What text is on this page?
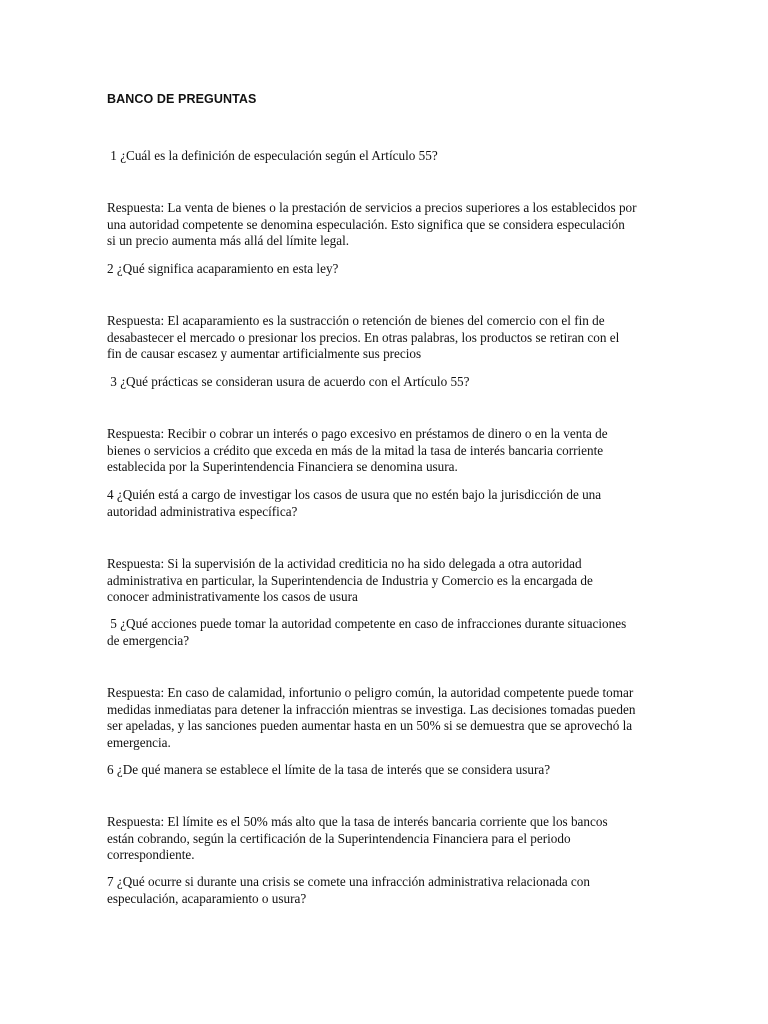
BANCO DE PREGUNTAS
1 ¿Cuál es la definición de especulación según el Artículo 55?
Respuesta: La venta de bienes o la prestación de servicios a precios superiores a los establecidos por
una autoridad competente se denomina especulación. Esto significa que se considera especulación
si un precio aumenta más allá del límite legal.
2 ¿Qué significa acaparamiento en esta ley?
Respuesta: El acaparamiento es la sustracción o retención de bienes del comercio con el fin de
desabastecer el mercado o presionar los precios. En otras palabras, los productos se retiran con el
fin de causar escasez y aumentar artificialmente sus precios
3 ¿Qué prácticas se consideran usura de acuerdo con el Artículo 55?
Respuesta: Recibir o cobrar un interés o pago excesivo en préstamos de dinero o en la venta de
bienes o servicios a crédito que exceda en más de la mitad la tasa de interés bancaria corriente
establecida por la Superintendencia Financiera se denomina usura.
4 ¿Quién está a cargo de investigar los casos de usura que no estén bajo la jurisdicción de una
autoridad administrativa específica?
Respuesta: Si la supervisión de la actividad crediticia no ha sido delegada a otra autoridad
administrativa en particular, la Superintendencia de Industria y Comercio es la encargada de
conocer administrativamente los casos de usura
5 ¿Qué acciones puede tomar la autoridad competente en caso de infracciones durante situaciones
de emergencia?
Respuesta: En caso de calamidad, infortunio o peligro común, la autoridad competente puede tomar
medidas inmediatas para detener la infracción mientras se investiga. Las decisiones tomadas pueden
ser apeladas, y las sanciones pueden aumentar hasta en un 50% si se demuestra que se aprovechó la
emergencia.
6 ¿De qué manera se establece el límite de la tasa de interés que se considera usura?
Respuesta: El límite es el 50% más alto que la tasa de interés bancaria corriente que los bancos
están cobrando, según la certificación de la Superintendencia Financiera para el periodo
correspondiente.
7 ¿Qué ocurre si durante una crisis se comete una infracción administrativa relacionada con
especulación, acaparamiento o usura?
